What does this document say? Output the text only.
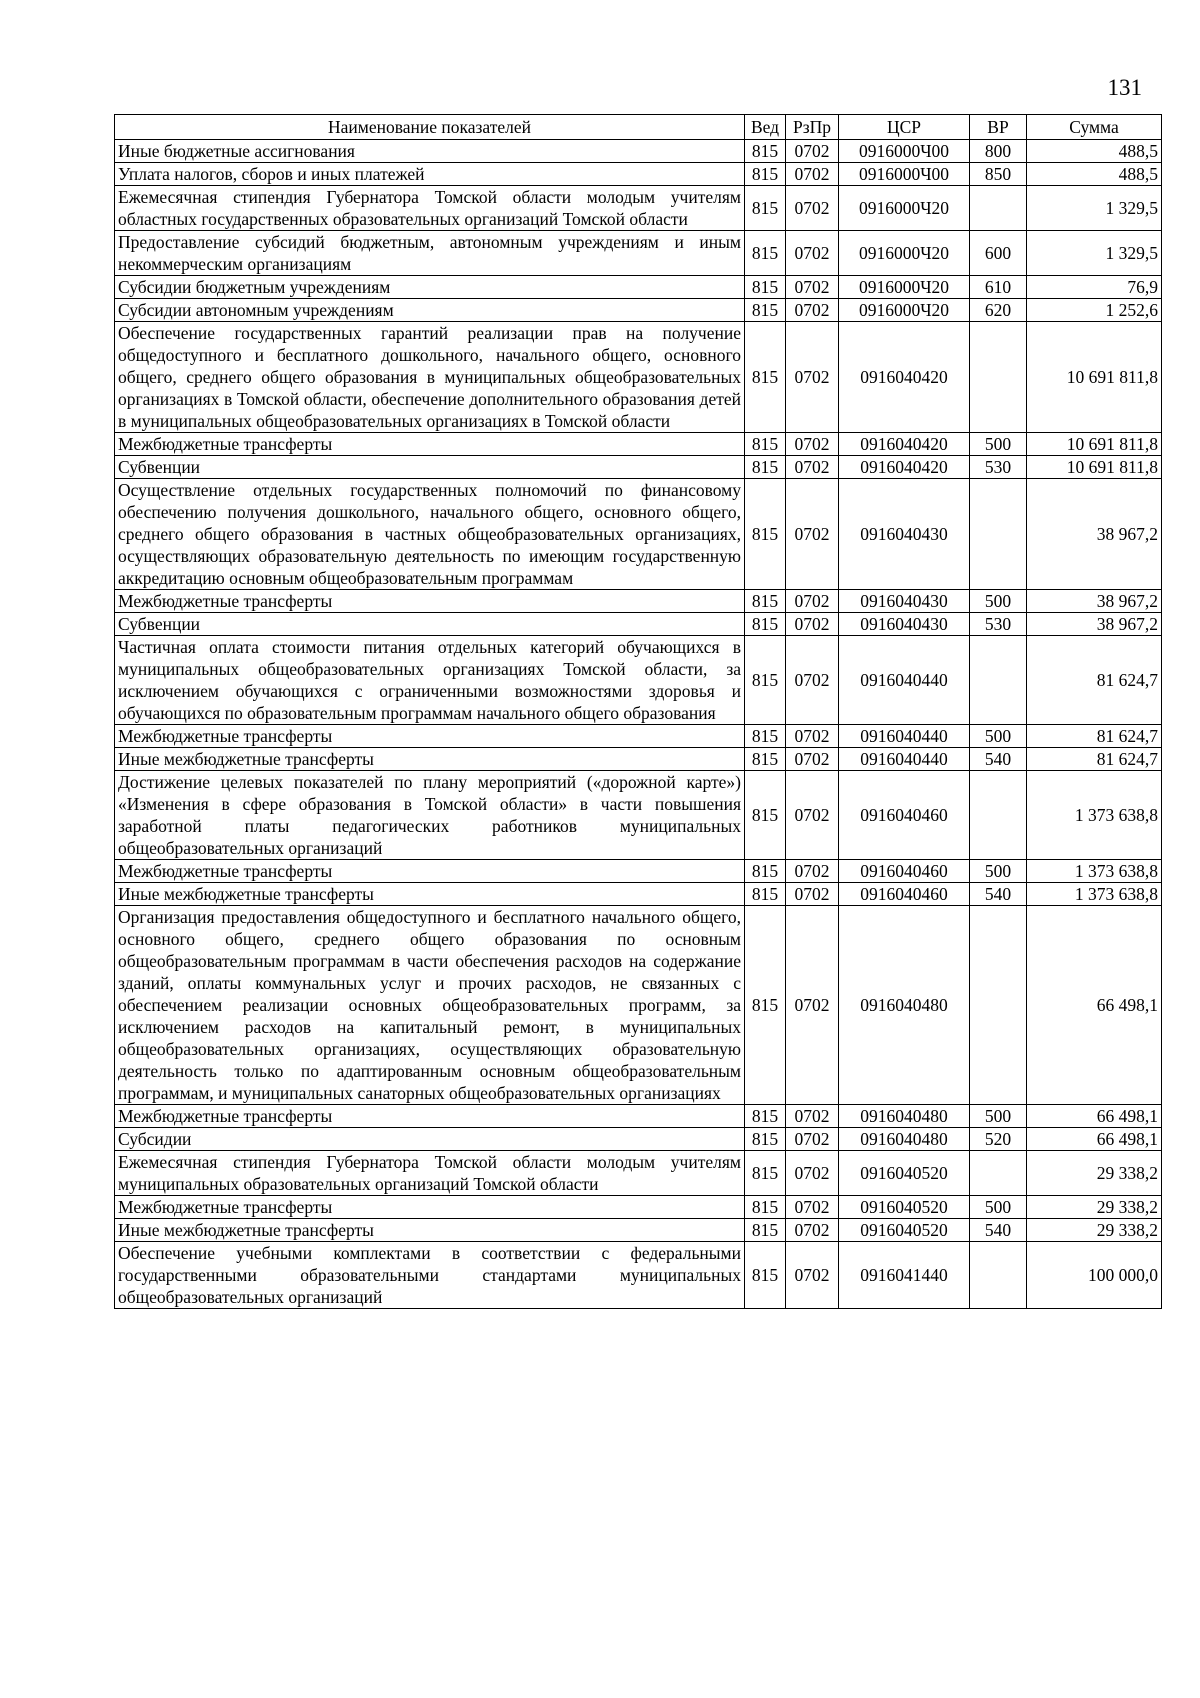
131
Наименование показателей	Вед	РзПр	ЦСР	ВР	Сумма
Иные бюджетные ассигнования	815	0702	0916000Ч00	800	488,5
Уплата налогов, сборов и иных платежей	815	0702	0916000Ч00	850	488,5
Ежемесячная стипендия Губернатора Томской области молодым учителям областных государственных образовательных организаций Томской области	815	0702	0916000Ч20		1 329,5
Предоставление субсидий бюджетным, автономным учреждениям и иным некоммерческим организациям	815	0702	0916000Ч20	600	1 329,5
Субсидии бюджетным учреждениям	815	0702	0916000Ч20	610	76,9
Субсидии автономным учреждениям	815	0702	0916000Ч20	620	1 252,6
Обеспечение государственных гарантий реализации прав на получение общедоступного и бесплатного дошкольного, начального общего, основного общего, среднего общего образования в муниципальных общеобразовательных организациях в Томской области, обеспечение дополнительного образования детей в муниципальных общеобразовательных организациях в Томской области	815	0702	0916040420		10 691 811,8
Межбюджетные трансферты	815	0702	0916040420	500	10 691 811,8
Субвенции	815	0702	0916040420	530	10 691 811,8
Осуществление отдельных государственных полномочий по финансовому обеспечению получения дошкольного, начального общего, основного общего, среднего общего образования в частных общеобразовательных организациях, осуществляющих образовательную деятельность по имеющим государственную аккредитацию основным общеобразовательным программам	815	0702	0916040430		38 967,2
Межбюджетные трансферты	815	0702	0916040430	500	38 967,2
Субвенции	815	0702	0916040430	530	38 967,2
Частичная оплата стоимости питания отдельных категорий обучающихся в муниципальных общеобразовательных организациях Томской области, за исключением обучающихся с ограниченными возможностями здоровья и обучающихся по образовательным программам начального общего образования	815	0702	0916040440		81 624,7
Межбюджетные трансферты	815	0702	0916040440	500	81 624,7
Иные межбюджетные трансферты	815	0702	0916040440	540	81 624,7
Достижение целевых показателей по плану мероприятий («дорожной карте») «Изменения в сфере образования в Томской области» в части повышения заработной платы педагогических работников муниципальных общеобразовательных организаций	815	0702	0916040460		1 373 638,8
Межбюджетные трансферты	815	0702	0916040460	500	1 373 638,8
Иные межбюджетные трансферты	815	0702	0916040460	540	1 373 638,8
Организация предоставления общедоступного и бесплатного начального общего, основного общего, среднего общего образования по основным общеобразовательным программам в части обеспечения расходов на содержание зданий, оплаты коммунальных услуг и прочих расходов, не связанных с обеспечением реализации основных общеобразовательных программ, за исключением расходов на капитальный ремонт, в муниципальных общеобразовательных организациях, осуществляющих образовательную деятельность только по адаптированным основным общеобразовательным программам, и муниципальных санаторных общеобразовательных организациях	815	0702	0916040480		66 498,1
Межбюджетные трансферты	815	0702	0916040480	500	66 498,1
Субсидии	815	0702	0916040480	520	66 498,1
Ежемесячная стипендия Губернатора Томской области молодым учителям муниципальных образовательных организаций Томской области	815	0702	0916040520		29 338,2
Межбюджетные трансферты	815	0702	0916040520	500	29 338,2
Иные межбюджетные трансферты	815	0702	0916040520	540	29 338,2
Обеспечение учебными комплектами в соответствии с федеральными государственными образовательными стандартами муниципальных общеобразовательных организаций	815	0702	0916041440		100 000,0
